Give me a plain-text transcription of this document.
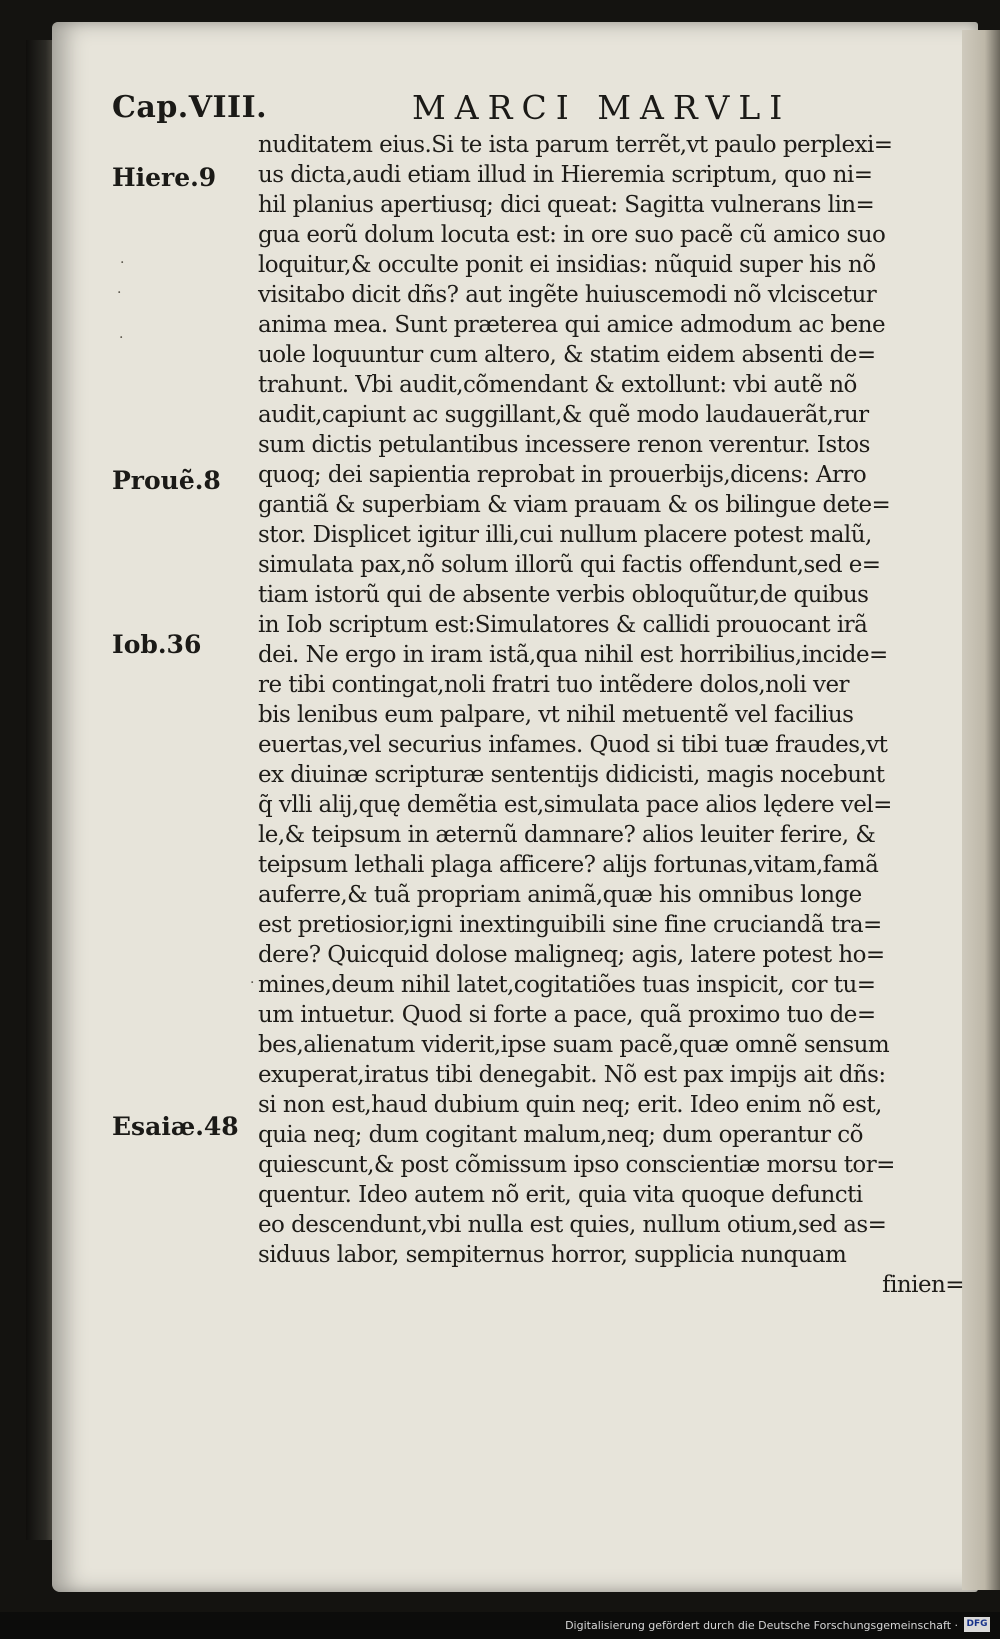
Cap.VIII.	MARCI MARVLI
Hiere.9
Prouẽ.8
Iob.36
Esaiæ.48
·
·
·
·
nuditatem eius.Si te ista parum terrẽt,vt paulo perplexi=
us dicta,audi etiam illud in Hieremia scriptum, quo ni=
hil planius apertiusq; dici queat: Sagitta vulnerans lin=
gua eorũ dolum locuta est: in ore suo pacẽ cũ amico suo
loquitur,& occulte ponit ei insidias: nũquid super his nõ
visitabo dicit dñs? aut ingẽte huiuscemodi nõ vlciscetur
anima mea. Sunt præterea qui amice admodum ac bene
uole loquuntur cum altero, & statim eidem absenti de=
trahunt. Vbi audit,cõmendant & extollunt: vbi autẽ nõ
audit,capiunt ac suggillant,& quẽ modo laudauerãt,rur
sum dictis petulantibus incessere renon verentur. Istos
quoq; dei sapientia reprobat in prouerbijs,dicens: Arro
gantiã & superbiam & viam prauam & os bilingue dete=
stor. Displicet igitur illi,cui nullum placere potest malũ,
simulata pax,nõ solum illorũ qui factis offendunt,sed e=
tiam istorũ qui de absente verbis obloquũtur,de quibus
in Iob scriptum est:Simulatores & callidi prouocant irã
dei. Ne ergo in iram istã,qua nihil est horribilius,incide=
re tibi contingat,noli fratri tuo intẽdere dolos,noli ver
bis lenibus eum palpare, vt nihil metuentẽ vel facilius
euertas,vel securius infames. Quod si tibi tuæ fraudes,vt
ex diuinæ scripturæ sententijs didicisti, magis nocebunt
q̃ vlli alij,quę demẽtia est,simulata pace alios lędere vel=
le,& teipsum in æternũ damnare? alios leuiter ferire, &
teipsum lethali plaga afficere? alijs fortunas,vitam,famã
auferre,& tuã propriam animã,quæ his omnibus longe
est pretiosior,igni inextinguibili sine fine cruciandã tra=
dere? Quicquid dolose maligneq; agis, latere potest ho=
mines,deum nihil latet,cogitatiões tuas inspicit, cor tu=
um intuetur. Quod si forte a pace, quã proximo tuo de=
bes,alienatum viderit,ipse suam pacẽ,quæ omnẽ sensum
exuperat,iratus tibi denegabit. Nõ est pax impijs ait dñs:
si non est,haud dubium quin neq; erit. Ideo enim nõ est,
quia neq; dum cogitant malum,neq; dum operantur cõ
quiescunt,& post cõmissum ipso conscientiæ morsu tor=
quentur. Ideo autem nõ erit, quia vita quoque defuncti
eo descendunt,vbi nulla est quies, nullum otium,sed as=
siduus labor, sempiternus horror, supplicia nunquam
finien=
Digitalisierung gefördert durch die Deutsche Forschungsgemeinschaft · DFG
